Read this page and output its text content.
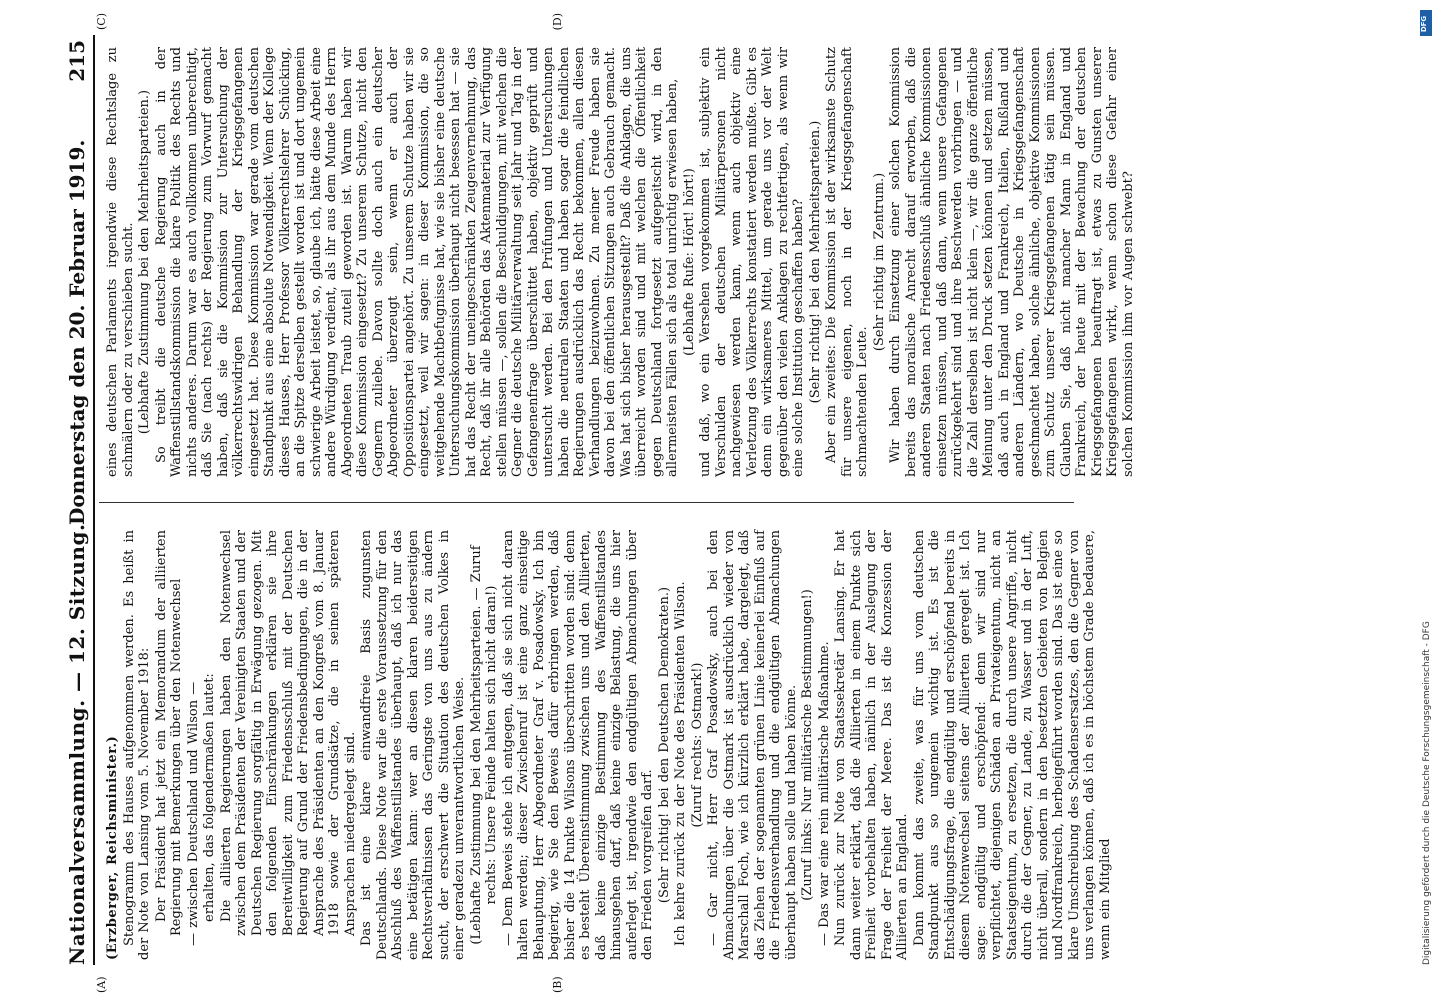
Nationalversammlung. — 12. Sitzung.
Donnerstag den 20. Februar 1919.
215
(A)	(B)
(C)	(D)

(Erzberger, Reichsminister.) Stenogramm des Hauses aufgenommen werden. Es heißt in der Note von Lansing vom 5. November 1918: Der Präsident hat jetzt ein Memorandum der alliierten Regierung mit Bemerkungen über den Notenwechsel — zwischen Deutschland und Wilson — erhalten, das folgendermaßen lautet: Die alliierten Regierungen haben den Notenwechsel zwischen dem Präsidenten der Vereinigten Staaten und der Deutschen Regierung sorgfältig in Erwägung gezogen. Mit den folgenden Einschränkungen erklären sie ihre Bereitwilligkeit zum Friedensschluß mit der Deutschen Regierung auf Grund der Friedensbedingungen, die in der Ansprache des Präsidenten an den Kongreß vom 8. Januar 1918 sowie der Grundsätze, die in seinen späteren Ansprachen niedergelegt sind. Das ist eine klare einwandfreie Basis zugunsten Deutschlands. Diese Note war die erste Voraussetzung für den Abschluß des Waffenstillstandes überhaupt, daß ich nur das eine betätigen kann: wer an diesen klaren beiderseitigen Rechtsverhältnissen das Geringste von uns aus zu ändern sucht, der erschwert die Situation des deutschen Volkes in einer geradezu unverantwortlichen Weise. (Lebhafte Zustimmung bei den Mehrheitsparteien. — Zuruf rechts: Unsere Feinde halten sich nicht daran!) — Dem Beweis stehe ich entgegen, daß sie sich nicht daran halten werden; dieser Zwischenruf ist eine ganz einseitige Behauptung, Herr Abgeordneter Graf v. Posadowsky. Ich bin begierig, wie Sie den Beweis dafür erbringen werden, daß bisher die 14 Punkte Wilsons überschritten worden sind: denn es besteht Übereinstimmung zwischen uns und den Alliierten, daß keine einzige Bestimmung des Waffenstillstandes hinausgehen darf, daß keine einzige Belastung, die uns hier auferlegt ist, irgendwie den endgültigen Abmachungen über den Frieden vorgreifen darf. (Sehr richtig! bei den Deutschen Demokraten.) Ich kehre zurück zu der Note des Präsidenten Wilson. (Zuruf rechts: Ostmark!) — Gar nicht, Herr Graf Posadowsky, auch bei den Abmachungen über die Ostmark ist ausdrücklich wieder von Marschall Foch, wie ich kürzlich erklärt habe, dargelegt, daß das Ziehen der sogenannten grünen Linie keinerlei Einfluß auf die Friedensverhandlung und die endgültigen Abmachungen überhaupt haben solle und haben könne. (Zuruf links: Nur militärische Bestimmungen!) — Das war eine rein militärische Maßnahme. Nun zurück zur Note von Staatssekretär Lansing. Er hat dann weiter erklärt, daß die Alliierten in einem Punkte sich Freiheit vorbehalten haben, nämlich in der Auslegung der Frage der Freiheit der Meere. Das ist die Konzession der Alliierten an England. Dann kommt das zweite, was für uns vom deutschen Standpunkt aus so ungemein wichtig ist. Es ist die Entschädigungsfrage, die endgültig und erschöpfend bereits in diesem Notenwechsel seitens der Alliierten geregelt ist. Ich sage: endgültig und erschöpfend: denn wir sind nur verpflichtet, diejenigen Schäden an Privateigentum, nicht an Staatseigentum, zu ersetzen, die durch unsere Angriffe, nicht durch die der Gegner, zu Lande, zu Wasser und in der Luft, nicht überall, sondern in den besetzten Gebieten von Belgien und Nordfrankreich, herbeigeführt worden sind. Das ist eine so klare Umschreibung des Schadensersatzes, den die Gegner von uns verlangen können, daß ich es in höchstem Grade bedauere, wenn ein Mitglied

eines deutschen Parlaments irgendwie diese Rechtslage zu schmälern oder zu verschieben sucht. (Lebhafte Zustimmung bei den Mehrheitsparteien.) So treibt die deutsche Regierung auch in der Waffenstillstandskommission die klare Politik des Rechts und nichts anderes. Darum war es auch vollkommen unberechtigt, daß Sie (nach rechts) der Regierung zum Vorwurf gemacht haben, daß sie die Kommission zur Untersuchung der völkerrechtswidrigen Behandlung der Kriegsgefangenen eingesetzt hat. Diese Kommission war gerade vom deutschen Standpunkt aus eine absolute Notwendigkeit. Wenn der Kollege dieses Hauses, Herr Professor Völkerrechtslehrer Schücking, an die Spitze derselben gestellt worden ist und dort ungemein schwierige Arbeit leistet, so, glaube ich, hätte diese Arbeit eine andere Würdigung verdient, als ihr aus dem Munde des Herrn Abgeordneten Traub zuteil geworden ist. Warum haben wir diese Kommission eingesetzt? Zu unserem Schutze, nicht den Gegnern zuliebe. Davon sollte doch auch ein deutscher Abgeordneter überzeugt sein, wenn er auch der Oppositionspartei angehört. Zu unserem Schutze haben wir sie eingesetzt, weil wir sagen: in dieser Kommission, die so weitgehende Machtbefugnisse hat, wie sie bisher eine deutsche Untersuchungskommission überhaupt nicht besessen hat — sie hat das Recht der uneingeschränkten Zeugenvernehmung, das Recht, daß ihr alle Behörden das Aktenmaterial zur Verfügung stellen müssen —, sollen die Beschuldigungen, mit welchen die Gegner die deutsche Militärverwaltung seit Jahr und Tag in der Gefangenenfrage überschüttet haben, objektiv geprüft und untersucht werden. Bei den Prüfungen und Untersuchungen haben die neutralen Staaten und haben sogar die feindlichen Regierungen ausdrücklich das Recht bekommen, allen diesen Verhandlungen beizuwohnen. Zu meiner Freude haben sie davon bei den öffentlichen Sitzungen auch Gebrauch gemacht. Was hat sich bisher herausgestellt? Daß die Anklagen, die uns überreicht worden sind und mit welchen die Öffentlichkeit gegen Deutschland fortgesetzt aufgepeitscht wird, in den allermeisten Fällen sich als total unrichtig erwiesen haben, (Lebhafte Rufe: Hört! hört!) und daß, wo ein Versehen vorgekommen ist, subjektiv ein Verschulden der deutschen Militärpersonen nicht nachgewiesen werden kann, wenn auch objektiv eine Verletzung des Völkerrechts konstatiert werden mußte. Gibt es denn ein wirksameres Mittel, um gerade uns vor der Welt gegenüber den vielen Anklagen zu rechtfertigen, als wenn wir eine solche Institution geschaffen haben? (Sehr richtig! bei den Mehrheitsparteien.) Aber ein zweites: Die Kommission ist der wirksamste Schutz für unsere eigenen, noch in der Kriegsgefangenschaft schmachtenden Leute.

(Sehr richtig im Zentrum.) Wir haben durch Einsetzung einer solchen Kommission bereits das moralische Anrecht darauf erworben, daß die anderen Staaten nach Friedensschluß ähnliche Kommissionen einsetzen müssen, und daß dann, wenn unsere Gefangenen zurückgekehrt sind und ihre Beschwerden vorbringen — und die Zahl derselben ist nicht klein —, wir die ganze öffentliche Meinung unter den Druck setzen können und setzen müssen, daß auch in England und Frankreich, Italien, Rußland und anderen Ländern, wo Deutsche in Kriegsgefangenschaft geschmachtet haben, solche ähnliche, objektive Kommissionen zum Schutz unserer Kriegsgefangenen tätig sein müssen. Glauben Sie, daß nicht mancher Mann in England und Frankreich, der heute mit der Bewachung der deutschen Kriegsgefangenen beauftragt ist, etwas zu Gunsten unserer Kriegsgefangenen wirkt, wenn schon diese Gefahr einer solchen Kommission ihm vor Augen schwebt?

Digitalisierung gefördert durch die Deutsche Forschungsgemeinschaft - DFG
DFG
